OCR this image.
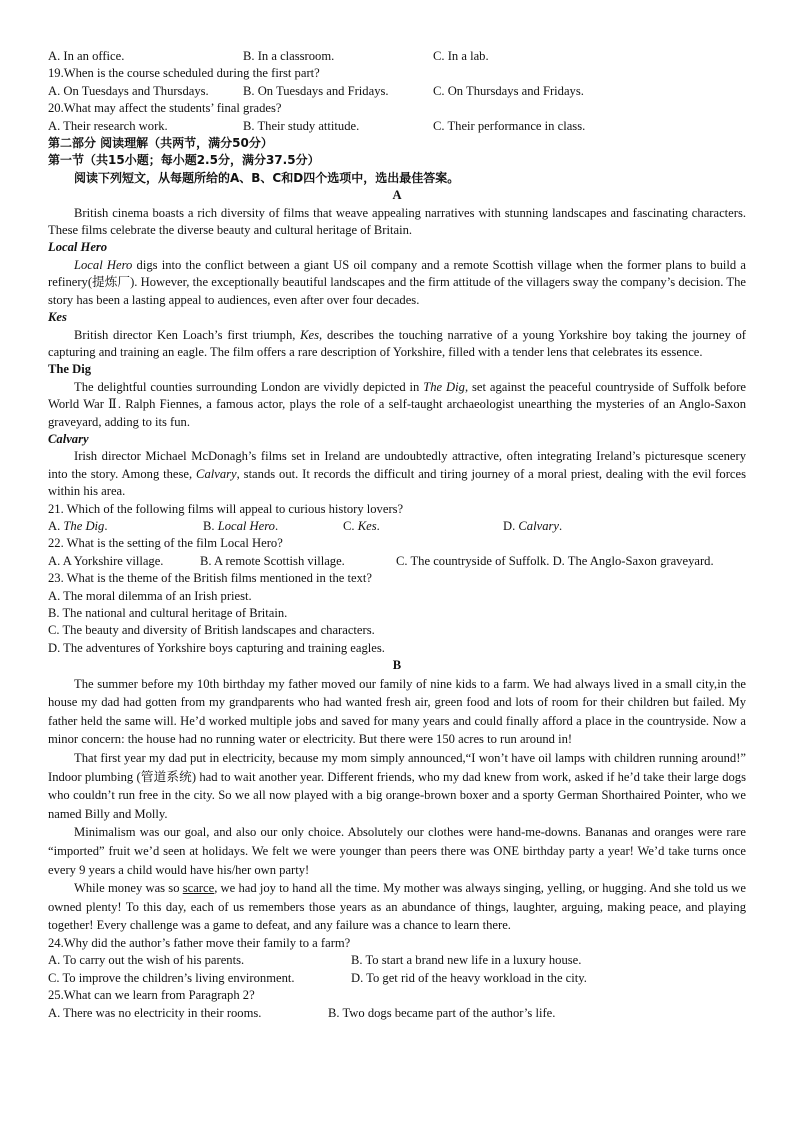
A. In an office.	B. In a classroom.	C. In a lab.
19.When is the course scheduled during the first part?
A. On Tuesdays and Thursdays.	B. On Tuesdays and Fridays.	C. On Thursdays and Fridays.
20.What may affect the students’ final grades?
A. Their research work.	B. Their study attitude.	C. Their performance in class.
第二部分 阅读理解（共两节，满分50分）
第一节（共15小题；每小题2.5分，满分37.5分）
阅读下列短文，从每题所给的A、B、C和D四个选项中，选出最佳答案。
A

British cinema boasts a rich diversity of films that weave appealing narratives with stunning landscapes and fascinating characters. These films celebrate the diverse beauty and cultural heritage of Britain.

Local Hero

Local Hero digs into the conflict between a giant US oil company and a remote Scottish village when the former plans to build a refinery(提炼厂). However, the exceptionally beautiful landscapes and the firm attitude of the villagers sway the company’s decision. The story has been a lasting appeal to audiences, even after over four decades.

Kes

British director Ken Loach’s first triumph, Kes, describes the touching narrative of a young Yorkshire boy taking the journey of capturing and training an eagle. The film offers a rare description of Yorkshire, filled with a tender lens that celebrates its essence.

The Dig

The delightful counties surrounding London are vividly depicted in The Dig, set against the peaceful countryside of Suffolk before World War Ⅱ. Ralph Fiennes, a famous actor, plays the role of a self-taught archaeologist unearthing the mysteries of an Anglo-Saxon graveyard, adding to its fun.

Calvary

Irish director Michael McDonagh’s films set in Ireland are undoubtedly attractive, often integrating Ireland’s picturesque scenery into the story. Among these, Calvary, stands out. It records the difficult and tiring journey of a moral priest, dealing with the evil forces within his area.

21. Which of the following films will appeal to curious history lovers?
A. The Dig.	B. Local Hero.	C. Kes.	D. Calvary.
22. What is the setting of the film Local Hero?
A. A Yorkshire village.	B. A remote Scottish village.	C. The countryside of Suffolk. D. The Anglo-Saxon graveyard.
23. What is the theme of the British films mentioned in the text?
A. The moral dilemma of an Irish priest.
B. The national and cultural heritage of Britain.
C. The beauty and diversity of British landscapes and characters.
D. The adventures of Yorkshire boys capturing and training eagles.
B

The summer before my 10th birthday my father moved our family of nine kids to a farm. We had always lived in a small city,in the house my dad had gotten from my grandparents who had wanted fresh air, green food and lots of room for their children but failed. My father held the same will. He’d worked multiple jobs and saved for many years and could finally afford a place in the countryside. Now a minor concern: the house had no running water or electricity. But there were 150 acres to run around in!

That first year my dad put in electricity, because my mom simply announced,“I won’t have oil lamps with children running around!” Indoor plumbing (管道系统) had to wait another year. Different friends, who my dad knew from work, asked if he’d take their large dogs who couldn’t run free in the city. So we all now played with a big orange-brown boxer and a sporty German Shorthaired Pointer, who we named Billy and Molly.

Minimalism was our goal, and also our only choice. Absolutely our clothes were hand-me-downs. Bananas and oranges were rare “imported” fruit we’d seen at holidays. We felt we were younger than peers there was ONE birthday party a year! We’d take turns once every 9 years a child would have his/her own party!

While money was so scarce, we had joy to hand all the time. My mother was always singing, yelling, or hugging. And she told us we owned plenty! To this day, each of us remembers those years as an abundance of things, laughter, arguing, making peace, and playing together! Every challenge was a game to defeat, and any failure was a chance to learn there.

24.Why did the author’s father move their family to a farm?
A. To carry out the wish of his parents.	B. To start a brand new life in a luxury house.
C. To improve the children’s living environment.	D. To get rid of the heavy workload in the city.
25.What can we learn from Paragraph 2?
A. There was no electricity in their rooms.	B. Two dogs became part of the author’s life.
